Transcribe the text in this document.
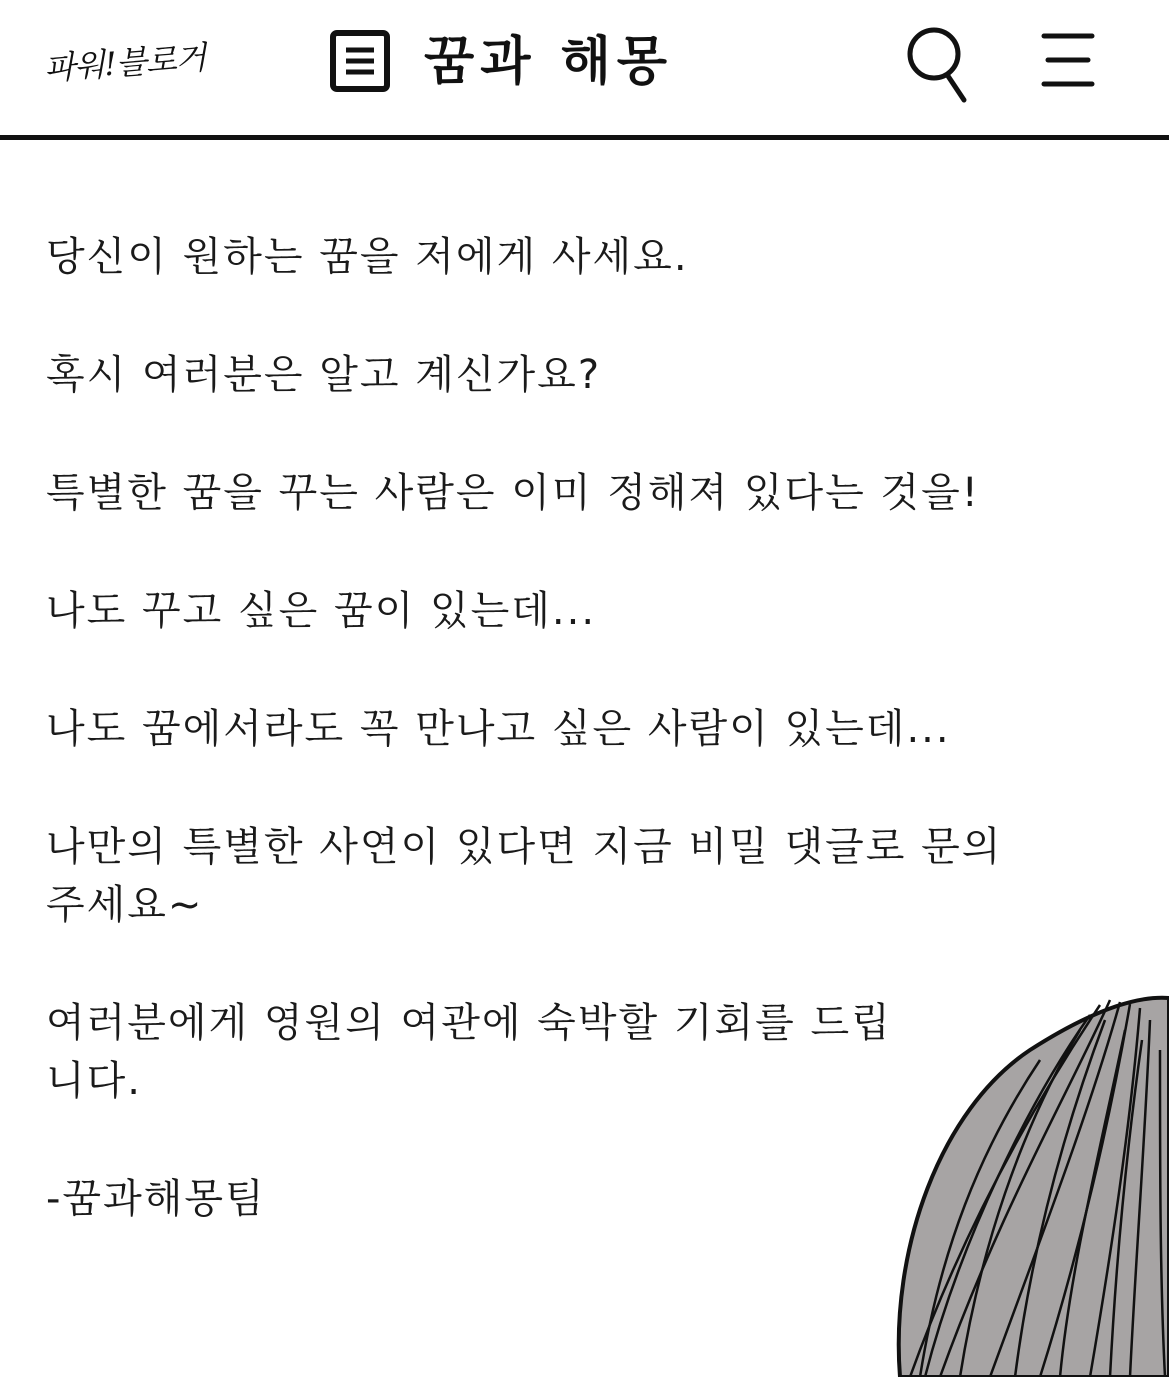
파워!블로거	꿈과 해몽

당신이 원하는 꿈을 저에게 사세요.

혹시 여러분은 알고 계신가요?

특별한 꿈을 꾸는 사람은 이미 정해져 있다는 것을!

나도 꾸고 싶은 꿈이 있는데...

나도 꿈에서라도 꼭 만나고 싶은 사람이 있는데...

나만의 특별한 사연이 있다면 지금 비밀 댓글로 문의 주세요~

여러분에게 영원의 여관에 숙박할 기회를 드립니다.

-꿈과해몽팀
